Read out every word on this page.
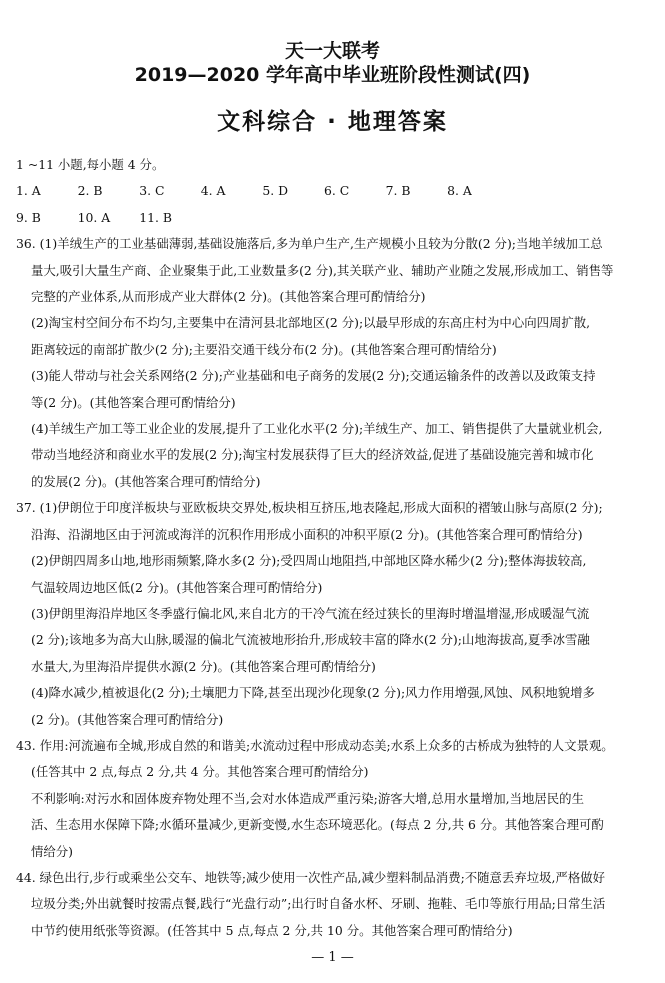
天一大联考
2019—2020 学年高中毕业班阶段性测试(四)
文科综合 · 地理答案

1 ~11 小题,每小题 4 分。

1. A	2. B	3. C	4. A	5. D	6. C	7. B	8. A
9. B	10. A	11. B

36. (1)羊绒生产的工业基础薄弱,基础设施落后,多为单户生产,生产规模小且较为分散(2 分);当地羊绒加工总

量大,吸引大量生产商、企业聚集于此,工业数量多(2 分),其关联产业、辅助产业随之发展,形成加工、销售等

完整的产业体系,从而形成产业大群体(2 分)。(其他答案合理可酌情给分)

(2)淘宝村空间分布不均匀,主要集中在清河县北部地区(2 分);以最早形成的东高庄村为中心向四周扩散,

距离较远的南部扩散少(2 分);主要沿交通干线分布(2 分)。(其他答案合理可酌情给分)

(3)能人带动与社会关系网络(2 分);产业基础和电子商务的发展(2 分);交通运输条件的改善以及政策支持

等(2 分)。(其他答案合理可酌情给分)

(4)羊绒生产加工等工业企业的发展,提升了工业化水平(2 分);羊绒生产、加工、销售提供了大量就业机会,

带动当地经济和商业水平的发展(2 分);淘宝村发展获得了巨大的经济效益,促进了基础设施完善和城市化

的发展(2 分)。(其他答案合理可酌情给分)

37. (1)伊朗位于印度洋板块与亚欧板块交界处,板块相互挤压,地表隆起,形成大面积的褶皱山脉与高原(2 分);

沿海、沿湖地区由于河流或海洋的沉积作用形成小面积的冲积平原(2 分)。(其他答案合理可酌情给分)

(2)伊朗四周多山地,地形雨频繁,降水多(2 分);受四周山地阻挡,中部地区降水稀少(2 分);整体海拔较高,

气温较周边地区低(2 分)。(其他答案合理可酌情给分)

(3)伊朗里海沿岸地区冬季盛行偏北风,来自北方的干冷气流在经过狭长的里海时增温增湿,形成暖湿气流

(2 分);该地多为高大山脉,暖湿的偏北气流被地形抬升,形成较丰富的降水(2 分);山地海拔高,夏季冰雪融

水量大,为里海沿岸提供水源(2 分)。(其他答案合理可酌情给分)

(4)降水减少,植被退化(2 分);土壤肥力下降,甚至出现沙化现象(2 分);风力作用增强,风蚀、风积地貌增多

(2 分)。(其他答案合理可酌情给分)

43. 作用:河流遍布全城,形成自然的和谐美;水流动过程中形成动态美;水系上众多的古桥成为独特的人文景观。

(任答其中 2 点,每点 2 分,共 4 分。其他答案合理可酌情给分)

不利影响:对污水和固体废弃物处理不当,会对水体造成严重污染;游客大增,总用水量增加,当地居民的生

活、生态用水保障下降;水循环量减少,更新变慢,水生态环境恶化。(每点 2 分,共 6 分。其他答案合理可酌

情给分)

44. 绿色出行,步行或乘坐公交车、地铁等;减少使用一次性产品,减少塑料制品消费;不随意丢弃垃圾,严格做好

垃圾分类;外出就餐时按需点餐,践行“光盘行动”;出行时自备水杯、牙刷、拖鞋、毛巾等旅行用品;日常生活

中节约使用纸张等资源。(任答其中 5 点,每点 2 分,共 10 分。其他答案合理可酌情给分)

— 1 —
